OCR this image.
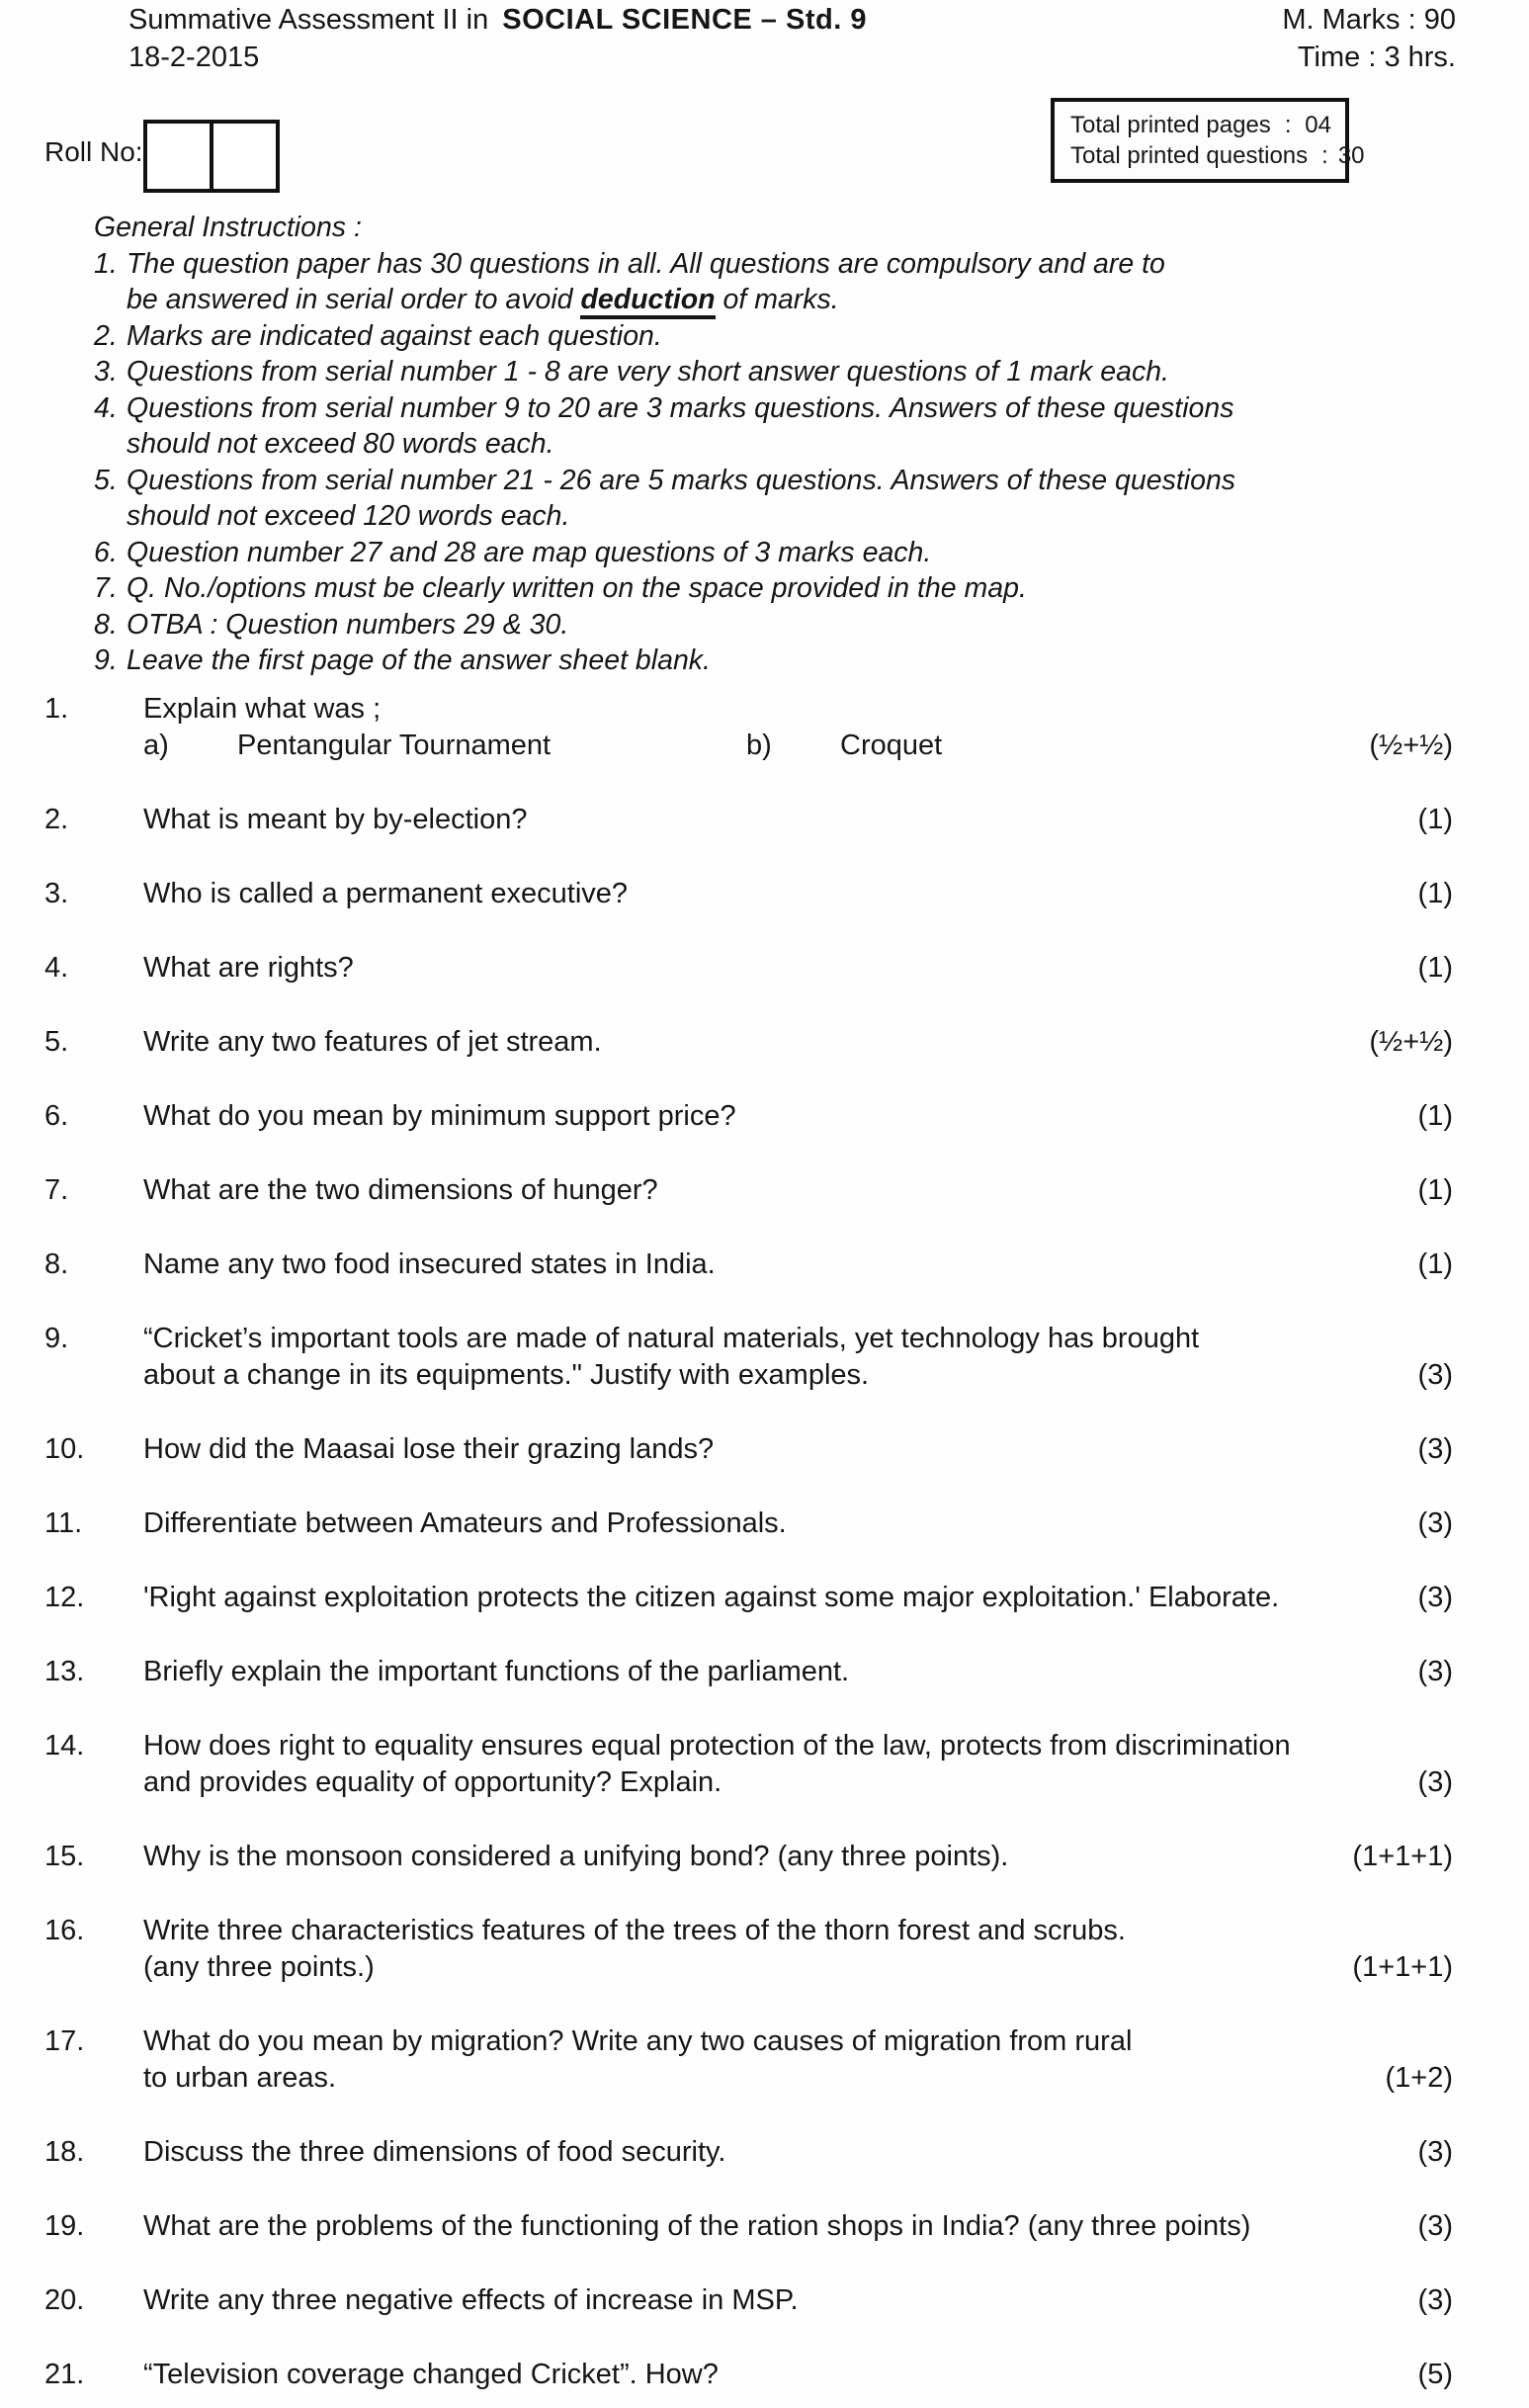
Summative Assessment II in SOCIAL SCIENCE – Std. 9
18-2-2015
M. Marks : 90
Time : 3 hrs.
Roll No:
Total printed pages : 04
Total printed questions : 30
General Instructions :
1. The question paper has 30 questions in all. All questions are compulsory and are to
be answered in serial order to avoid deduction of marks.
2. Marks are indicated against each question.
3. Questions from serial number 1 - 8 are very short answer questions of 1 mark each.
4. Questions from serial number 9 to 20 are 3 marks questions. Answers of these questions
should not exceed 80 words each.
5. Questions from serial number 21 - 26 are 5 marks questions. Answers of these questions
should not exceed 120 words each.
6. Question number 27 and 28 are map questions of 3 marks each.
7. Q. No./options must be clearly written on the space provided in the map.
8. OTBA : Question numbers 29 & 30.
9. Leave the first page of the answer sheet blank.
1.	Explain what was ;
a) Pentangular Tournament	b) Croquet	(½+½)
2.	What is meant by by-election?	(1)
3.	Who is called a permanent executive?	(1)
4.	What are rights?	(1)
5.	Write any two features of jet stream.	(½+½)
6.	What do you mean by minimum support price?	(1)
7.	What are the two dimensions of hunger?	(1)
8.	Name any two food insecured states in India.	(1)
9.	“Cricket’s important tools are made of natural materials, yet technology has brought
about a change in its equipments." Justify with examples.	(3)
10. How did the Maasai lose their grazing lands?	(3)
11. Differentiate between Amateurs and Professionals.	(3)
12. 'Right against exploitation protects the citizen against some major exploitation.' Elaborate.	(3)
13. Briefly explain the important functions of the parliament.	(3)
14. How does right to equality ensures equal protection of the law, protects from discrimination
and provides equality of opportunity? Explain.	(3)
15. Why is the monsoon considered a unifying bond? (any three points).	(1+1+1)
16. Write three characteristics features of the trees of the thorn forest and scrubs.
(any three points.)	(1+1+1)
17. What do you mean by migration? Write any two causes of migration from rural
to urban areas.	(1+2)
18. Discuss the three dimensions of food security.	(3)
19. What are the problems of the functioning of the ration shops in India? (any three points)	(3)
20. Write any three negative effects of increase in MSP.	(3)
21. “Television coverage changed Cricket”. How?	(5)
